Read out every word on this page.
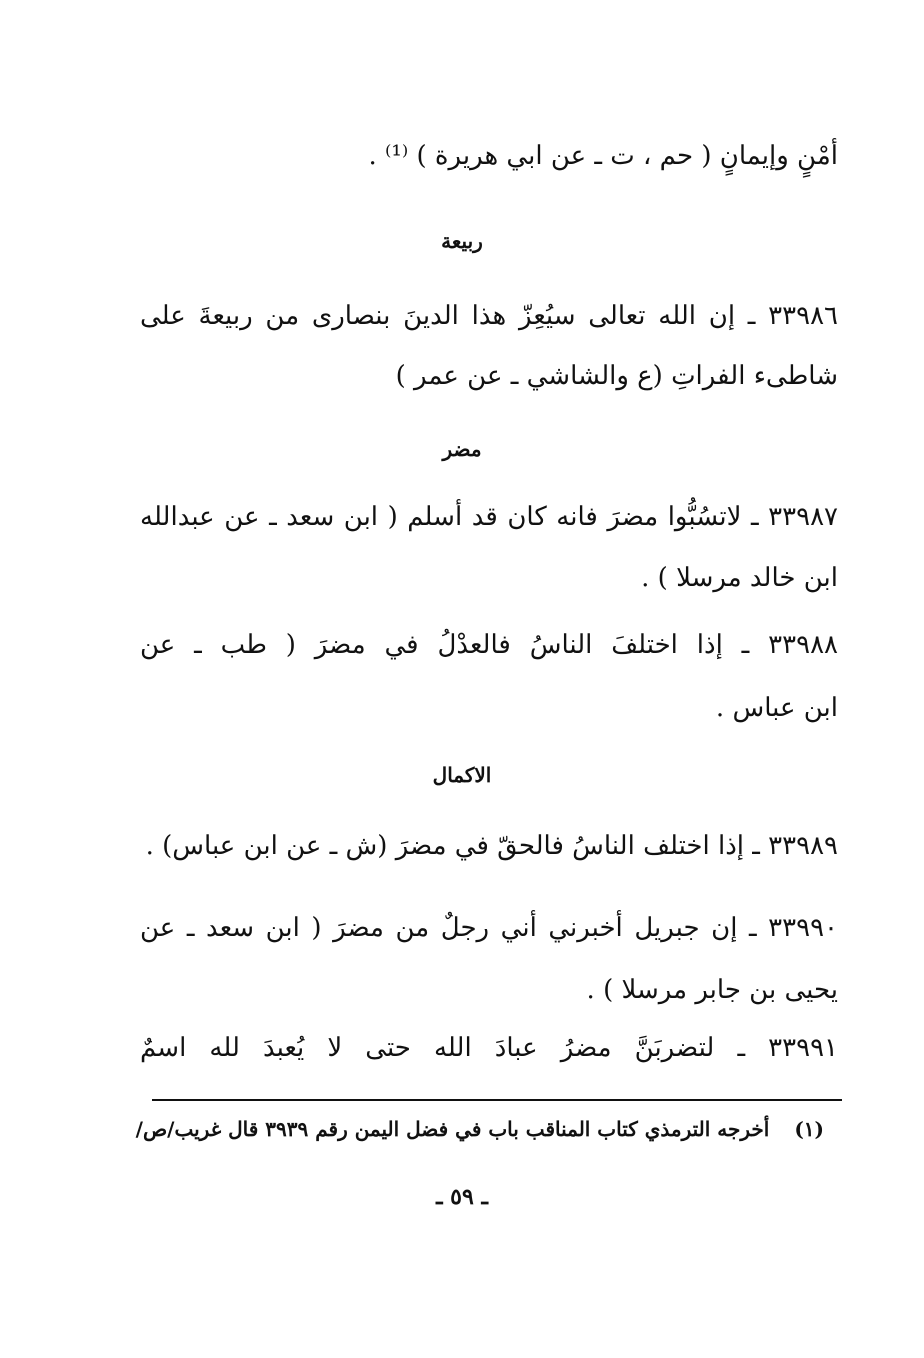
أمْنٍ وإيمانٍ ( حم ، ت ـ عن ابي هريرة ) ⁽¹⁾ .
ربيعة
٣٣٩٨٦ ـ إن الله تعالى سيُعِزّ هذا الدينَ بنصارى من ربيعةَ على
شاطىء الفراتِ (ع والشاشي ـ عن عمر )
مضر
٣٣٩٨٧ ـ لاتسُبُّوا مضرَ فانه كان قد أسلم ( ابن سعد ـ عن عبدالله
ابن خالد مرسلا ) .
٣٣٩٨٨ ـ إذا اختلفَ الناسُ فالعدْلُ في مضرَ ( طب ـ عن
ابن عباس .
الاكمال
٣٣٩٨٩ ـ إذا اختلف الناسُ فالحقّ في مضرَ (ش ـ عن ابن عباس) .
٣٣٩٩٠ ـ إن جبريل أخبرني أني رجلٌ من مضرَ ( ابن سعد ـ عن
يحيى بن جابر مرسلا ) .
٣٣٩٩١ ـ لتضربَنَّ مضرُ عبادَ الله حتى لا يُعبدَ لله اسمٌ
(١) أخرجه الترمذي كتاب المناقب باب في فضل اليمن رقم ٣٩٣٩ قال غريب/ص/
ـ ٥٩ ـ
